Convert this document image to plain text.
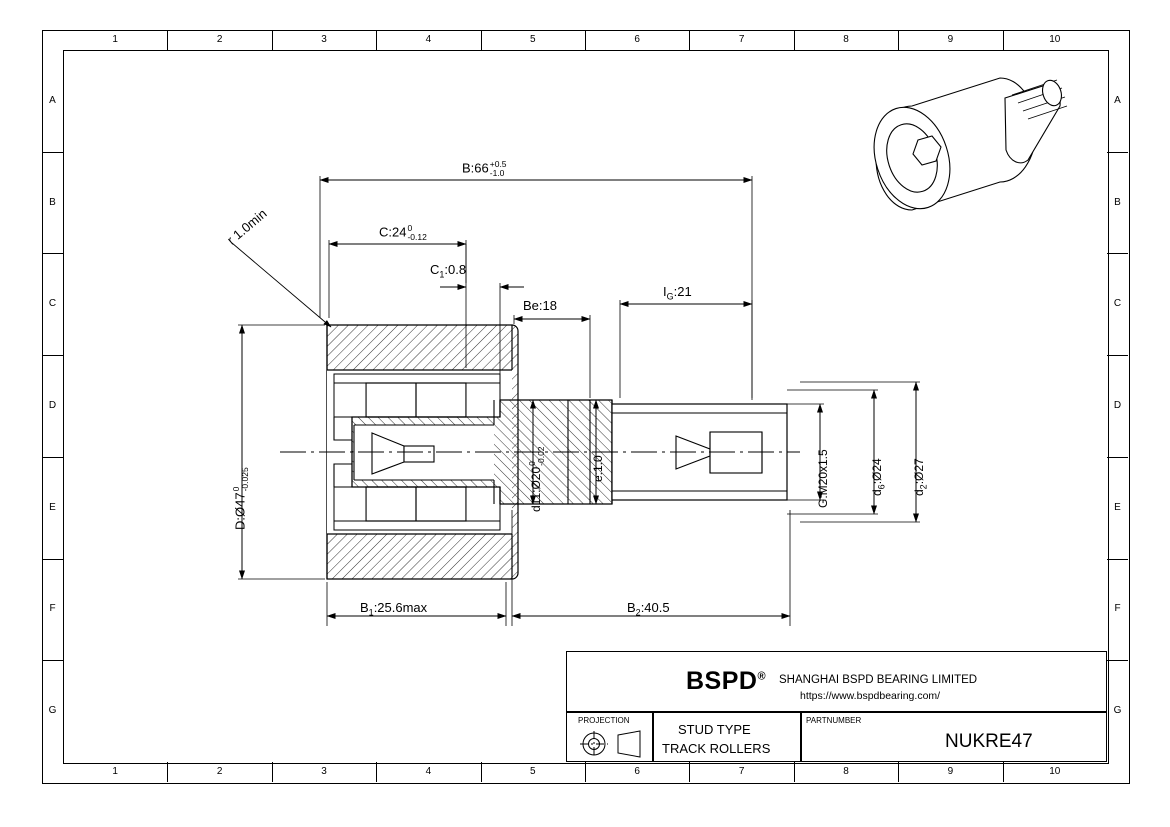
1
1
2
2
3
3
4
4
5
5
6
6
7
7
8
8
9
9
10
10
A	A
B	B
C	C
D	D
E	E
F	F
G	G
B:66 +0.5
-1.0
C:24 0
-0.12
$C_1:0.8$
Be:18
$I_G:21$
r 1.0min
D:Ø47
0
-0.025	d11:Ø20
0
-0.02	e:1.0	G:M20x1.5	$d_6:Ø24$
$d_2:Ø27$
$B_1:25.6\max$	$B_2:40.5$
BSPD® SHANGHAI BSPD BEARING LIMITED
https://www.bspdbearing.com/
PROJECTION
STUD TYPE
TRACK ROLLERS
PARTNUMBER
NUKRE47
